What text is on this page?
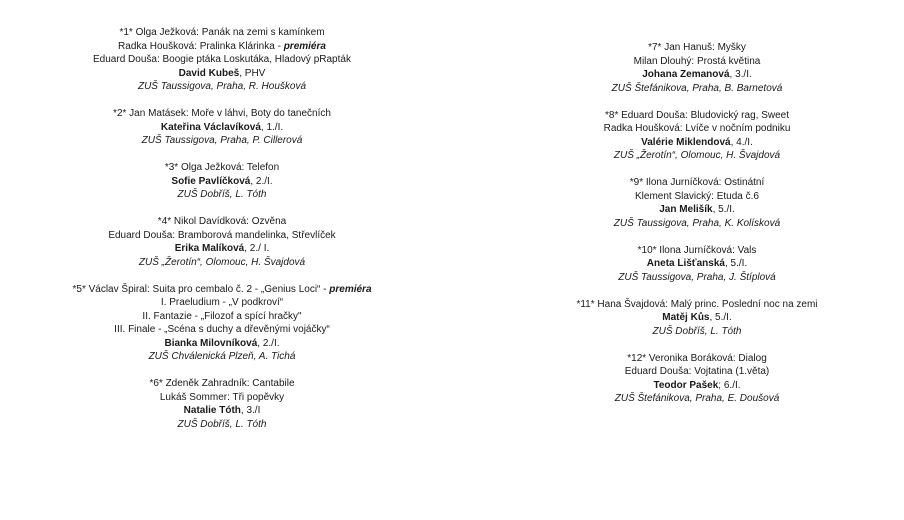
*1* Olga Ježková: Panák na zemi s kamínkem
Radka Houšková: Pralinka Klárinka - premiéra
Eduard Douša: Boogie ptáka Loskutáka, Hladový pRapták
David Kubeš, PHV
ZUŠ Taussigova, Praha, R. Houšková
*2* Jan Matásek: Moře v láhvi, Boty do tanečních
Kateřina Václavíková, 1./I.
ZUŠ Taussigova, Praha, P. Cillerová
*3* Olga Ježková: Telefon
Sofie Pavlíčková, 2./I.
ZUŠ Dobříš, L. Tóth
*4* Nikol Davídková: Ozvěna
Eduard Douša: Bramborová mandelinka, Střevlíček
Erika Malíková, 2./ I.
ZUŠ „Žerotín“, Olomouc, H. Švajdová
*5* Václav Špiral: Suita pro cembalo č. 2 - „Genius Loci“ - premiéra
I. Praeludium - „V podkroví“
II. Fantazie - „Filozof a spící hračky"
III. Finale - „Scéna s duchy a dřevěnými vojáčky“
Bianka Milovníková, 2./I.
ZUŠ Chválenická Plzeň, A. Tichá
*6* Zdeněk Zahradník: Cantabile
Lukáš Sommer: Tři popěvky
Natalie Tóth, 3./I
ZUŠ Dobříš, L. Tóth
*7* Jan Hanuš: Myšky
Milan Dlouhý: Prostá květina
Johana Zemanová, 3./I.
ZUŠ Štefánikova, Praha, B. Barnetová
*8* Eduard Douša: Bludovický rag, Sweet
Radka Houšková: Lvíče v nočním podniku
Valérie Miklendová, 4./I.
ZUŠ „Žerotín“, Olomouc, H. Švajdová
*9* Ilona Jurníčková: Ostinátní
Klement Slavický: Etuda č.6
Jan Melišík, 5./I.
ZUŠ Taussigova, Praha, K. Kolísková
*10* Ilona Jurníčková: Vals
Aneta Lišťanská, 5./I.
ZUŠ Taussigova, Praha, J. Štíplová
*11* Hana Švajdová: Malý princ. Poslední noc na zemi
Matěj Kůs, 5./I.
ZUŠ Dobříš, L. Tóth
*12* Veronika Boráková: Dialog
Eduard Douša: Vojtatina (1.věta)
Teodor Pašek; 6./I.
ZUŠ Štefánikova, Praha, E. Doušová
